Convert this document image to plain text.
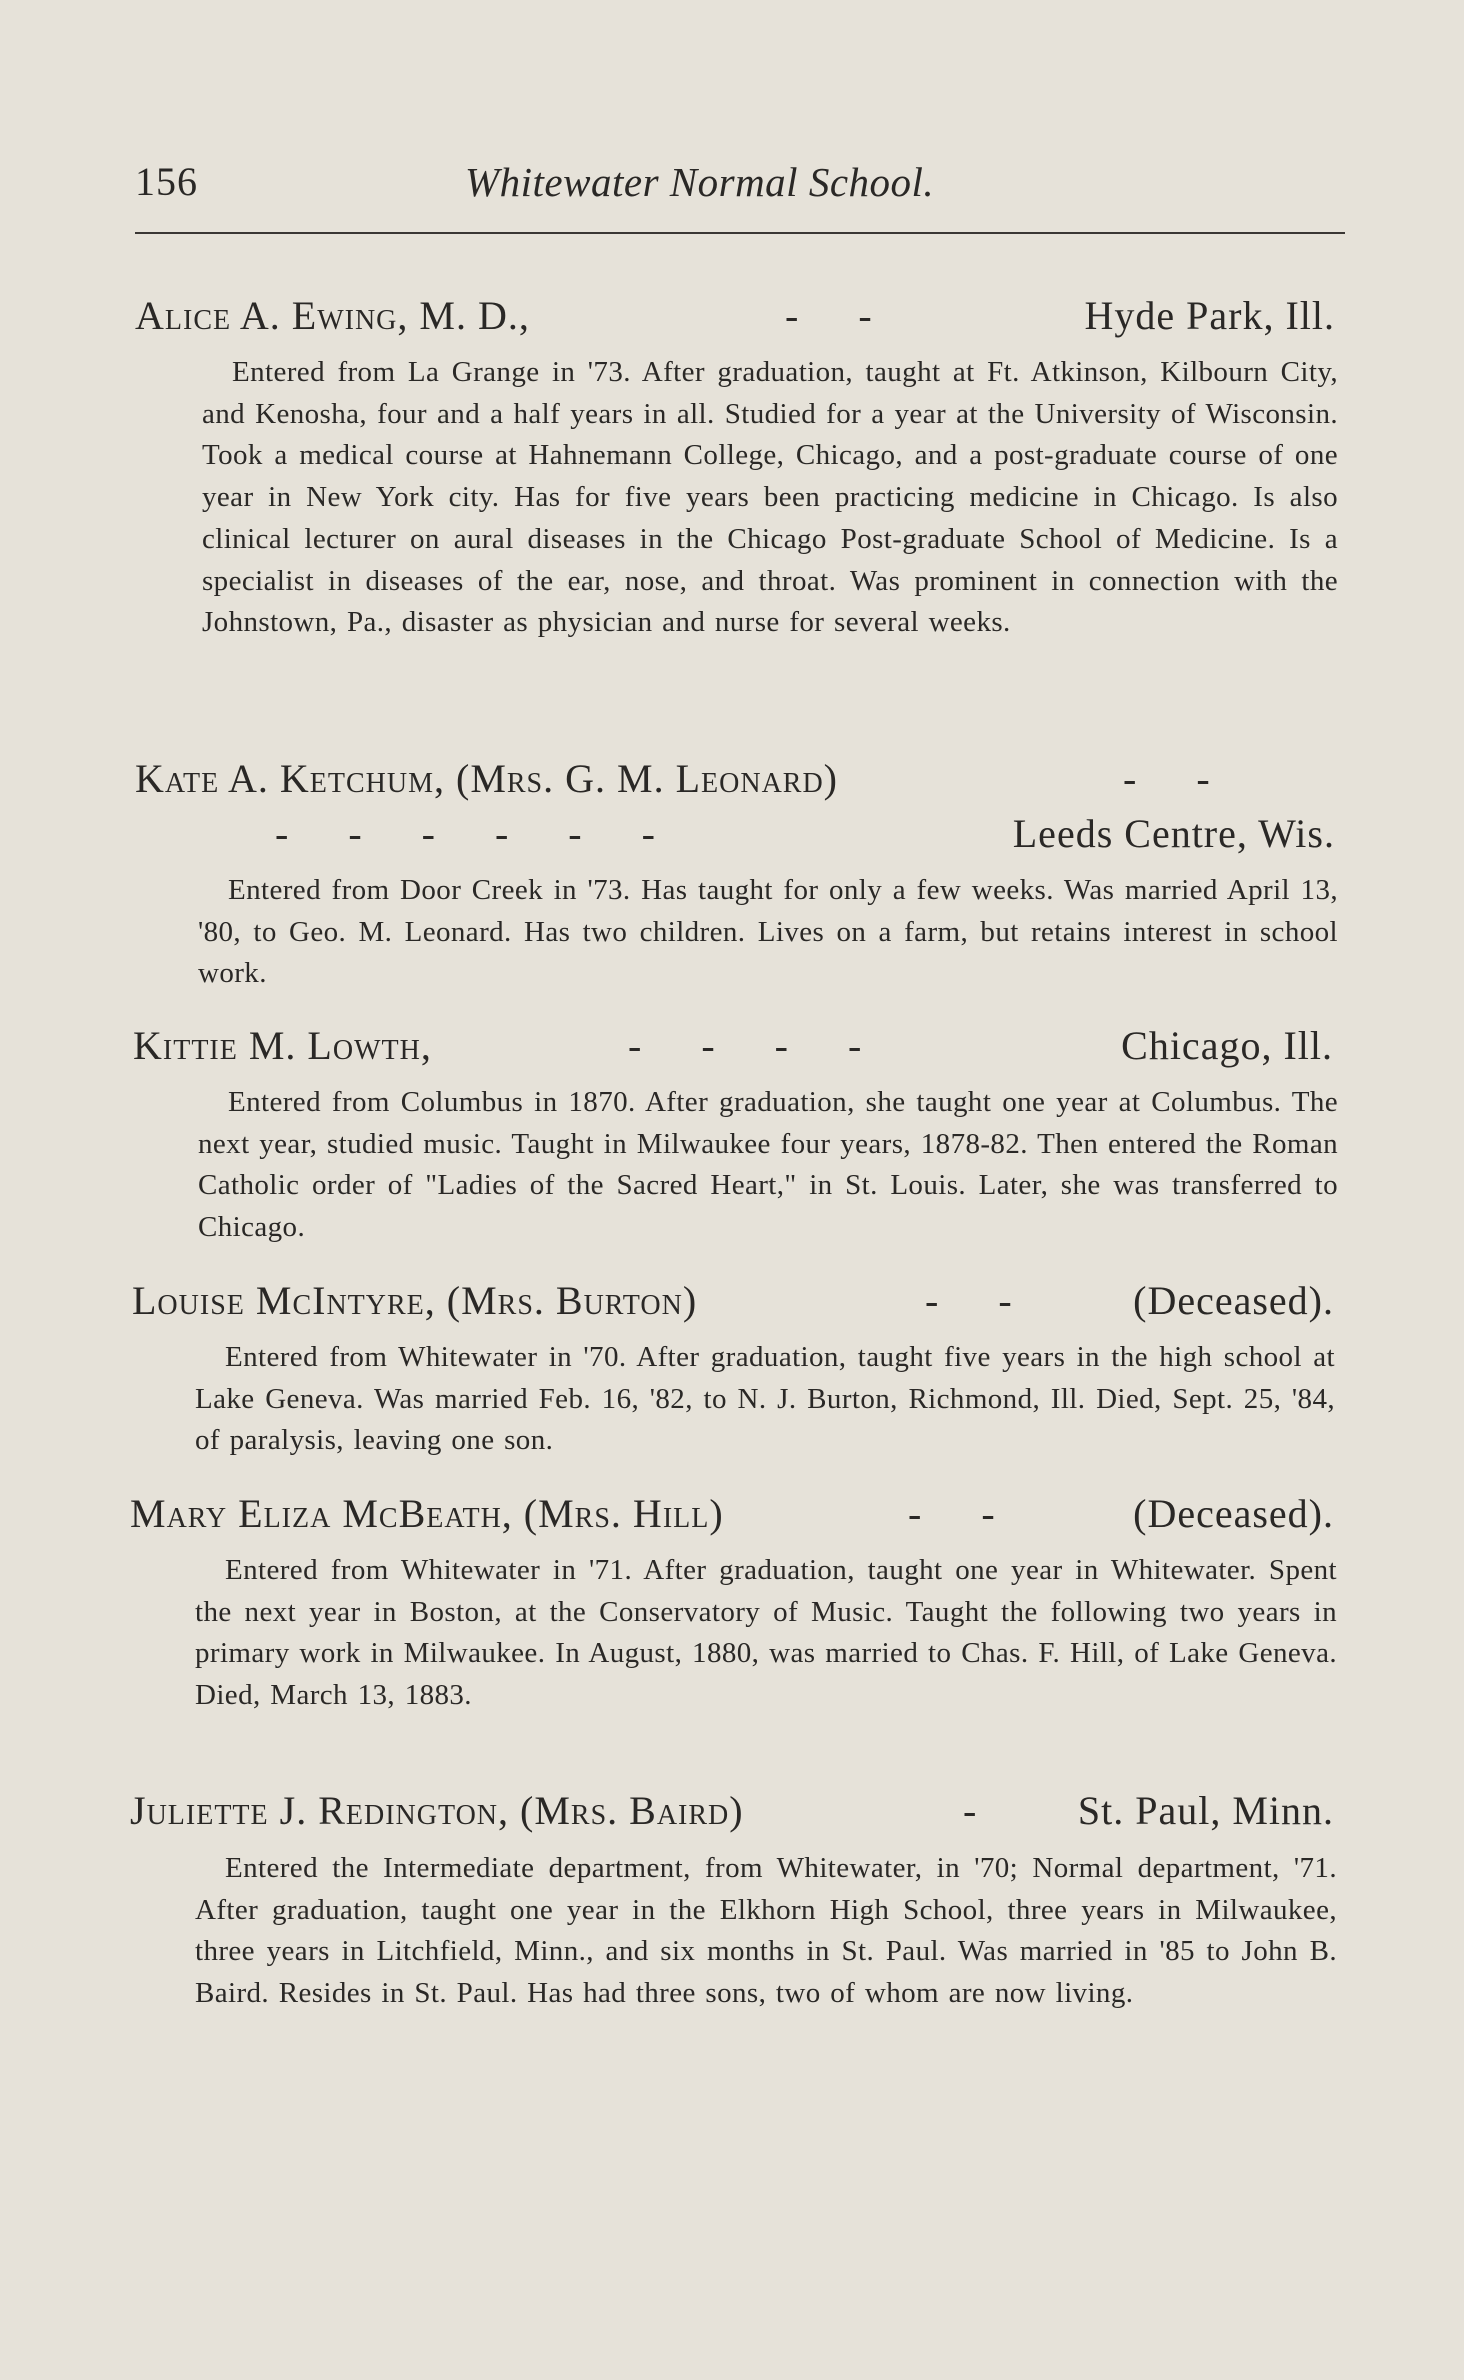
156	Whitewater Normal School.
Alice A. Ewing, M. D.,	- -	Hyde Park, Ill.
Entered from La Grange in '73. After graduation, taught at Ft. Atkinson, Kilbourn City, and Kenosha, four and a half years in all. Studied for a year at the University of Wisconsin. Took a medical course at Hahnemann College, Chicago, and a post-graduate course of one year in New York city. Has for five years been practicing medicine in Chicago. Is also clinical lecturer on aural diseases in the Chicago Post-graduate School of Medicine. Is a specialist in diseases of the ear, nose, and throat. Was prominent in connection with the Johnstown, Pa., disaster as physician and nurse for several weeks.
Kate A. Ketchum, (Mrs. G. M. Leonard)	- -
- - - - - -	Leeds Centre, Wis.
Entered from Door Creek in '73. Has taught for only a few weeks. Was married April 13, '80, to Geo. M. Leonard. Has two children. Lives on a farm, but retains interest in school work.
Kittie M. Lowth,	- - - -	Chicago, Ill.
Entered from Columbus in 1870. After graduation, she taught one year at Columbus. The next year, studied music. Taught in Milwaukee four years, 1878-82. Then entered the Roman Catholic order of "Ladies of the Sacred Heart," in St. Louis. Later, she was transferred to Chicago.
Louise McIntyre, (Mrs. Burton)	- -	(Deceased).
Entered from Whitewater in '70. After graduation, taught five years in the high school at Lake Geneva. Was married Feb. 16, '82, to N. J. Burton, Richmond, Ill. Died, Sept. 25, '84, of paralysis, leaving one son.
Mary Eliza McBeath, (Mrs. Hill)	- -	(Deceased).
Entered from Whitewater in '71. After graduation, taught one year in Whitewater. Spent the next year in Boston, at the Conservatory of Music. Taught the following two years in primary work in Milwaukee. In August, 1880, was married to Chas. F. Hill, of Lake Geneva. Died, March 13, 1883.
Juliette J. Redington, (Mrs. Baird)	-	St. Paul, Minn.
Entered the Intermediate department, from Whitewater, in '70; Normal department, '71. After graduation, taught one year in the Elkhorn High School, three years in Milwaukee, three years in Litchfield, Minn., and six months in St. Paul. Was married in '85 to John B. Baird. Resides in St. Paul. Has had three sons, two of whom are now living.
